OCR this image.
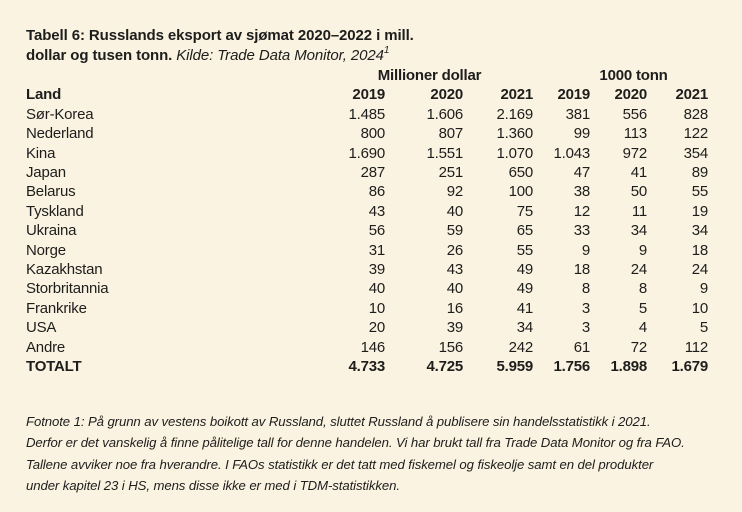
Tabell 6: Russlands eksport av sjømat 2020–2022 i mill.
dollar og tusen tonn. Kilde: Trade Data Monitor, 2024$^1$
	Millioner dollar			1000 tonn		
Land	2019	2020	2021	2019	2020	2021
Sør-Korea	1.485	1.606	2.169	381	556	828
Nederland	800	807	1.360	99	113	122
Kina	1.690	1.551	1.070	1.043	972	354
Japan	287	251	650	47	41	89
Belarus	86	92	100	38	50	55
Tyskland	43	40	75	12	11	19
Ukraina	56	59	65	33	34	34
Norge	31	26	55	9	9	18
Kazakhstan	39	43	49	18	24	24
Storbritannia	40	40	49	8	8	9
Frankrike	10	16	41	3	5	10
USA	20	39	34	3	4	5
Andre	146	156	242	61	72	112
TOTALT	4.733	4.725	5.959	1.756	1.898	1.679
Fotnote 1: På grunn av vestens boikott av Russland, sluttet Russland å publisere sin handelsstatistikk i 2021.
Derfor er det vanskelig å finne pålitelige tall for denne handelen. Vi har brukt tall fra Trade Data Monitor og fra FAO.
Tallene avviker noe fra hverandre. I FAOs statistikk er det tatt med fiskemel og fiskeolje samt en del produkter
under kapitel 23 i HS, mens disse ikke er med i TDM-statistikken.
